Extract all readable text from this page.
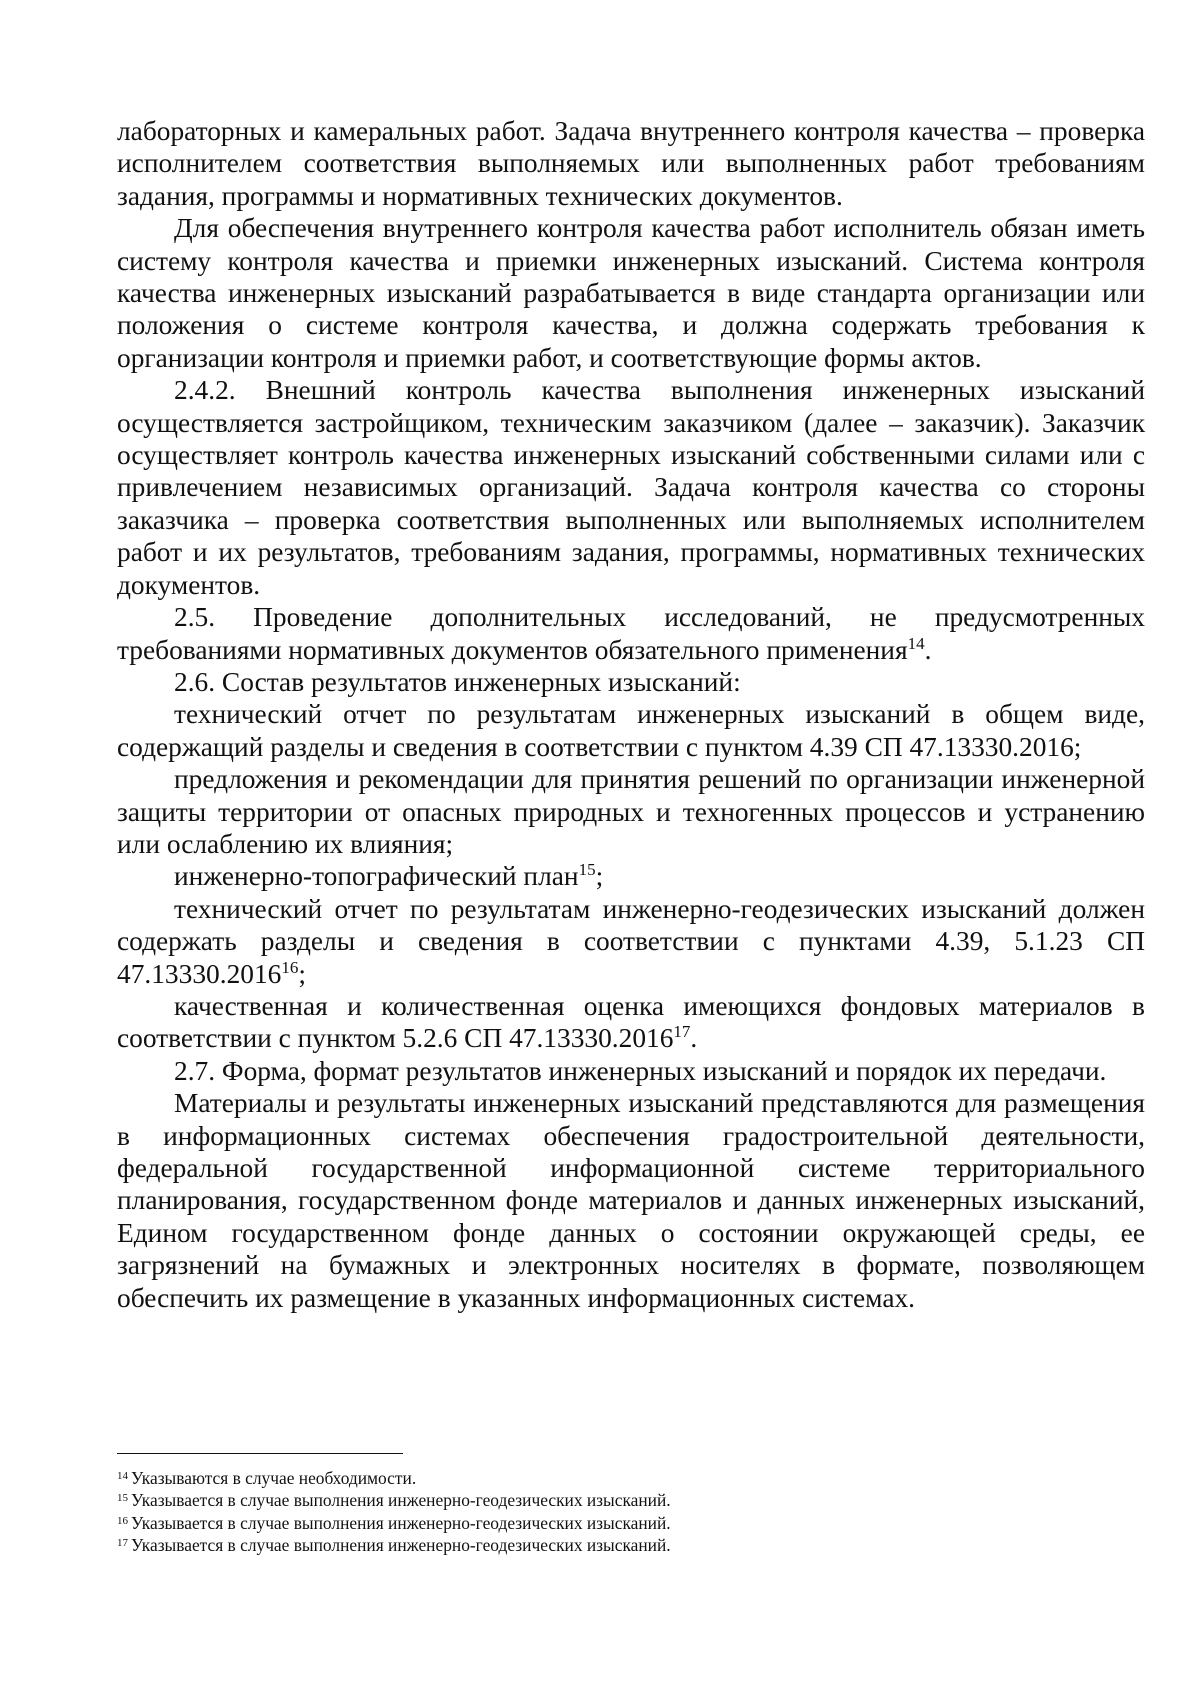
лабораторных и камеральных работ. Задача внутреннего контроля качества – проверка исполнителем соответствия выполняемых или выполненных работ требованиям задания, программы и нормативных технических документов.

Для обеспечения внутреннего контроля качества работ исполнитель обязан иметь систему контроля качества и приемки инженерных изысканий. Система контроля качества инженерных изысканий разрабатывается в виде стандарта организации или положения о системе контроля качества, и должна содержать требования к организации контроля и приемки работ, и соответствующие формы актов.

2.4.2. Внешний контроль качества выполнения инженерных изысканий осуществляется застройщиком, техническим заказчиком (далее – заказчик). Заказчик осуществляет контроль качества инженерных изысканий собственными силами или с привлечением независимых организаций. Задача контроля качества со стороны заказчика – проверка соответствия выполненных или выполняемых исполнителем работ и их результатов, требованиям задания, программы, нормативных технических документов.

2.5. Проведение дополнительных исследований, не предусмотренных требованиями нормативных документов обязательного применения$^{14}$.

2.6. Состав результатов инженерных изысканий:

технический отчет по результатам инженерных изысканий в общем виде, содержащий разделы и сведения в соответствии с пунктом 4.39 СП 47.13330.2016;

предложения и рекомендации для принятия решений по организации инженерной защиты территории от опасных природных и техногенных процессов и устранению или ослаблению их влияния;

инженерно-топографический план$^{15}$;

технический отчет по результатам инженерно-геодезических изысканий должен содержать разделы и сведения в соответствии с пунктами 4.39, 5.1.23 СП 47.13330.2016$^{16}$;

качественная и количественная оценка имеющихся фондовых материалов в соответствии с пунктом 5.2.6 СП 47.13330.2016$^{17}$.

2.7. Форма, формат результатов инженерных изысканий и порядок их передачи.

Материалы и результаты инженерных изысканий представляются для размещения в информационных системах обеспечения градостроительной деятельности, федеральной государственной информационной системе территориального планирования, государственном фонде материалов и данных инженерных изысканий, Едином государственном фонде данных о состоянии окружающей среды, ее загрязнений на бумажных и электронных носителях в формате, позволяющем обеспечить их размещение в указанных информационных системах.

$^{14}$ Указываются в случае необходимости.

$^{15}$ Указывается в случае выполнения инженерно-геодезических изысканий.

$^{16}$ Указывается в случае выполнения инженерно-геодезических изысканий.

$^{17}$ Указывается в случае выполнения инженерно-геодезических изысканий.
